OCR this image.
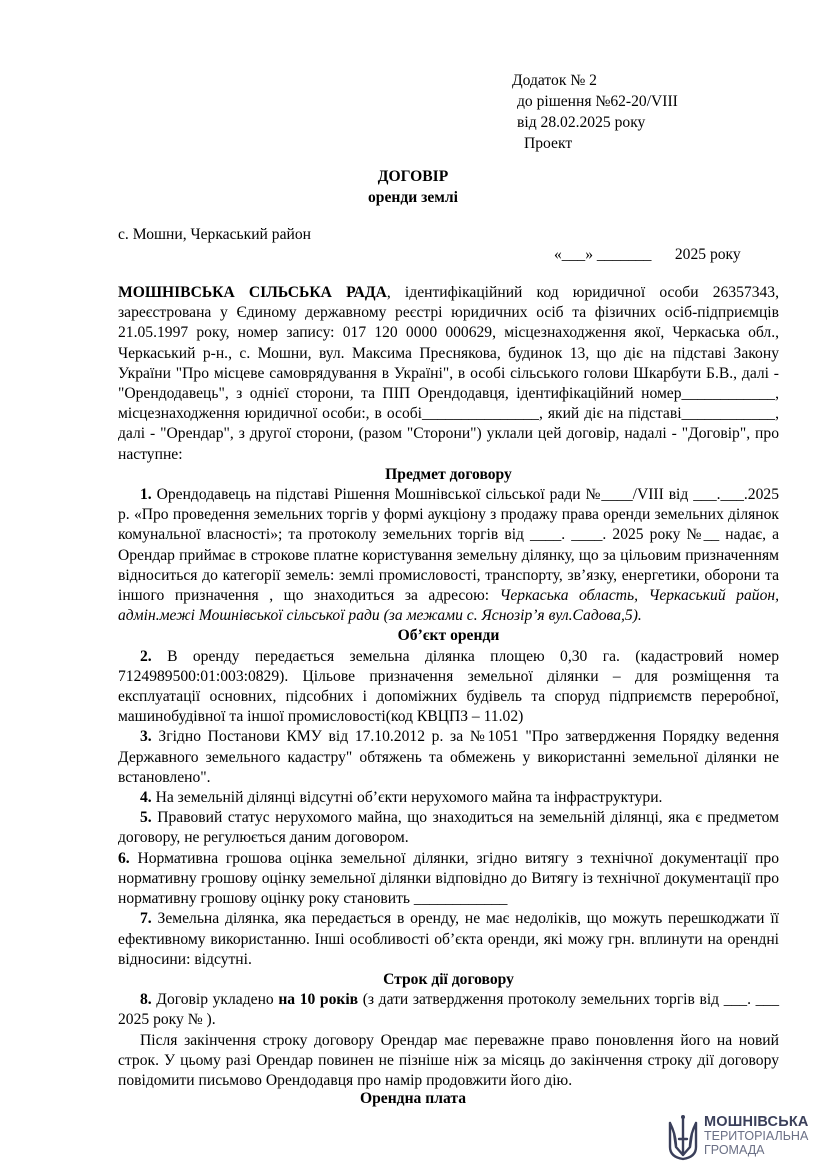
Додаток № 2
до рішення №62-20/VIII
від 28.02.2025 року
Проект
ДОГОВІР
оренди землі
с. Мошни, Черкаський район
«___» _______      2025 року

МОШНІВСЬКА СІЛЬСЬКА РАДА, ідентифікаційний код юридичної особи 26357343, зареєстрована у Єдиному державному реєстрі юридичних осіб та фізичних осіб-підприємців 21.05.1997 року, номер запису: 017 120 0000 000629, місцезнаходження якої, Черкаська обл., Черкаський р-н., с. Мошни, вул. Максима Преснякова, будинок 13, що діє на підставі Закону України "Про місцеве самоврядування в Україні", в особі сільського голови Шкарбути Б.В., далі - "Орендодавець", з однієї сторони, та ПІП Орендодавця, ідентифікаційний номер____________, місцезнаходження юридичної особи:, в особі_______________, який діє на підставі____________, далі - "Орендар", з другої сторони, (разом "Сторони") уклали цей договір, надалі - "Договір", про наступне:

Предмет договору

1. Орендодавець на підставі Рішення Мошнівської сільської ради №____/VIII від ___.___.2025 р. «Про проведення земельних торгів у формі аукціону з продажу права оренди земельних ділянок комунальної власності»; та протоколу земельних торгів від ____. ____. 2025 року №__ надає, а Орендар приймає в строкове платне користування земельну ділянку, що за цільовим призначенням відноситься до категорії земель: землі промисловості, транспорту, зв’язку, енергетики, оборони та іншого призначення , що знаходиться за адресою: Черкаська область, Черкаський район, адмін.межі Мошнівської сільської ради (за межами с. Яснозір’я вул.Садова,5).

Об’єкт оренди

2. В оренду передається земельна ділянка площею 0,30 га. (кадастровий номер 7124989500:01:003:0829). Цільове призначення земельної ділянки – для розміщення та експлуатації основних, підсобних і допоміжних будівель та споруд підприємств переробної, машинобудівної та іншої промисловості(код КВЦПЗ – 11.02)

3. Згідно Постанови КМУ від 17.10.2012 р. за №1051 "Про затвердження Порядку ведення Державного земельного кадастру" обтяжень та обмежень у використанні земельної ділянки не встановлено".

4. На земельній ділянці відсутні об’єкти нерухомого майна та інфраструктури.

5. Правовий статус нерухомого майна, що знаходиться на земельній ділянці, яка є предметом договору, не регулюється даним договором.

6. Нормативна грошова оцінка земельної ділянки, згідно витягу з технічної документації про нормативну грошову оцінку земельної ділянки відповідно до Витягу із технічної документації про нормативну грошову оцінку року становить ____________

7. Земельна ділянка, яка передається в оренду, не має недоліків, що можуть перешкоджати її ефективному використанню. Інші особливості об’єкта оренди, які можу грн. вплинути на орендні відносини: відсутні.

Строк дії договору

8. Договір укладено на 10 років (з дати затвердження протоколу земельних торгів від ___. ___ 2025 року № ).

Після закінчення строку договору Орендар має переважне право поновлення його на новий строк. У цьому разі Орендар повинен не пізніше ніж за місяць до закінчення строку дії договору повідомити письмово Орендодавця про намір продовжити його дію.

Орендна плата
МОШНІВСЬКА
ТЕРИТОРІАЛЬНА
ГРОМАДА
